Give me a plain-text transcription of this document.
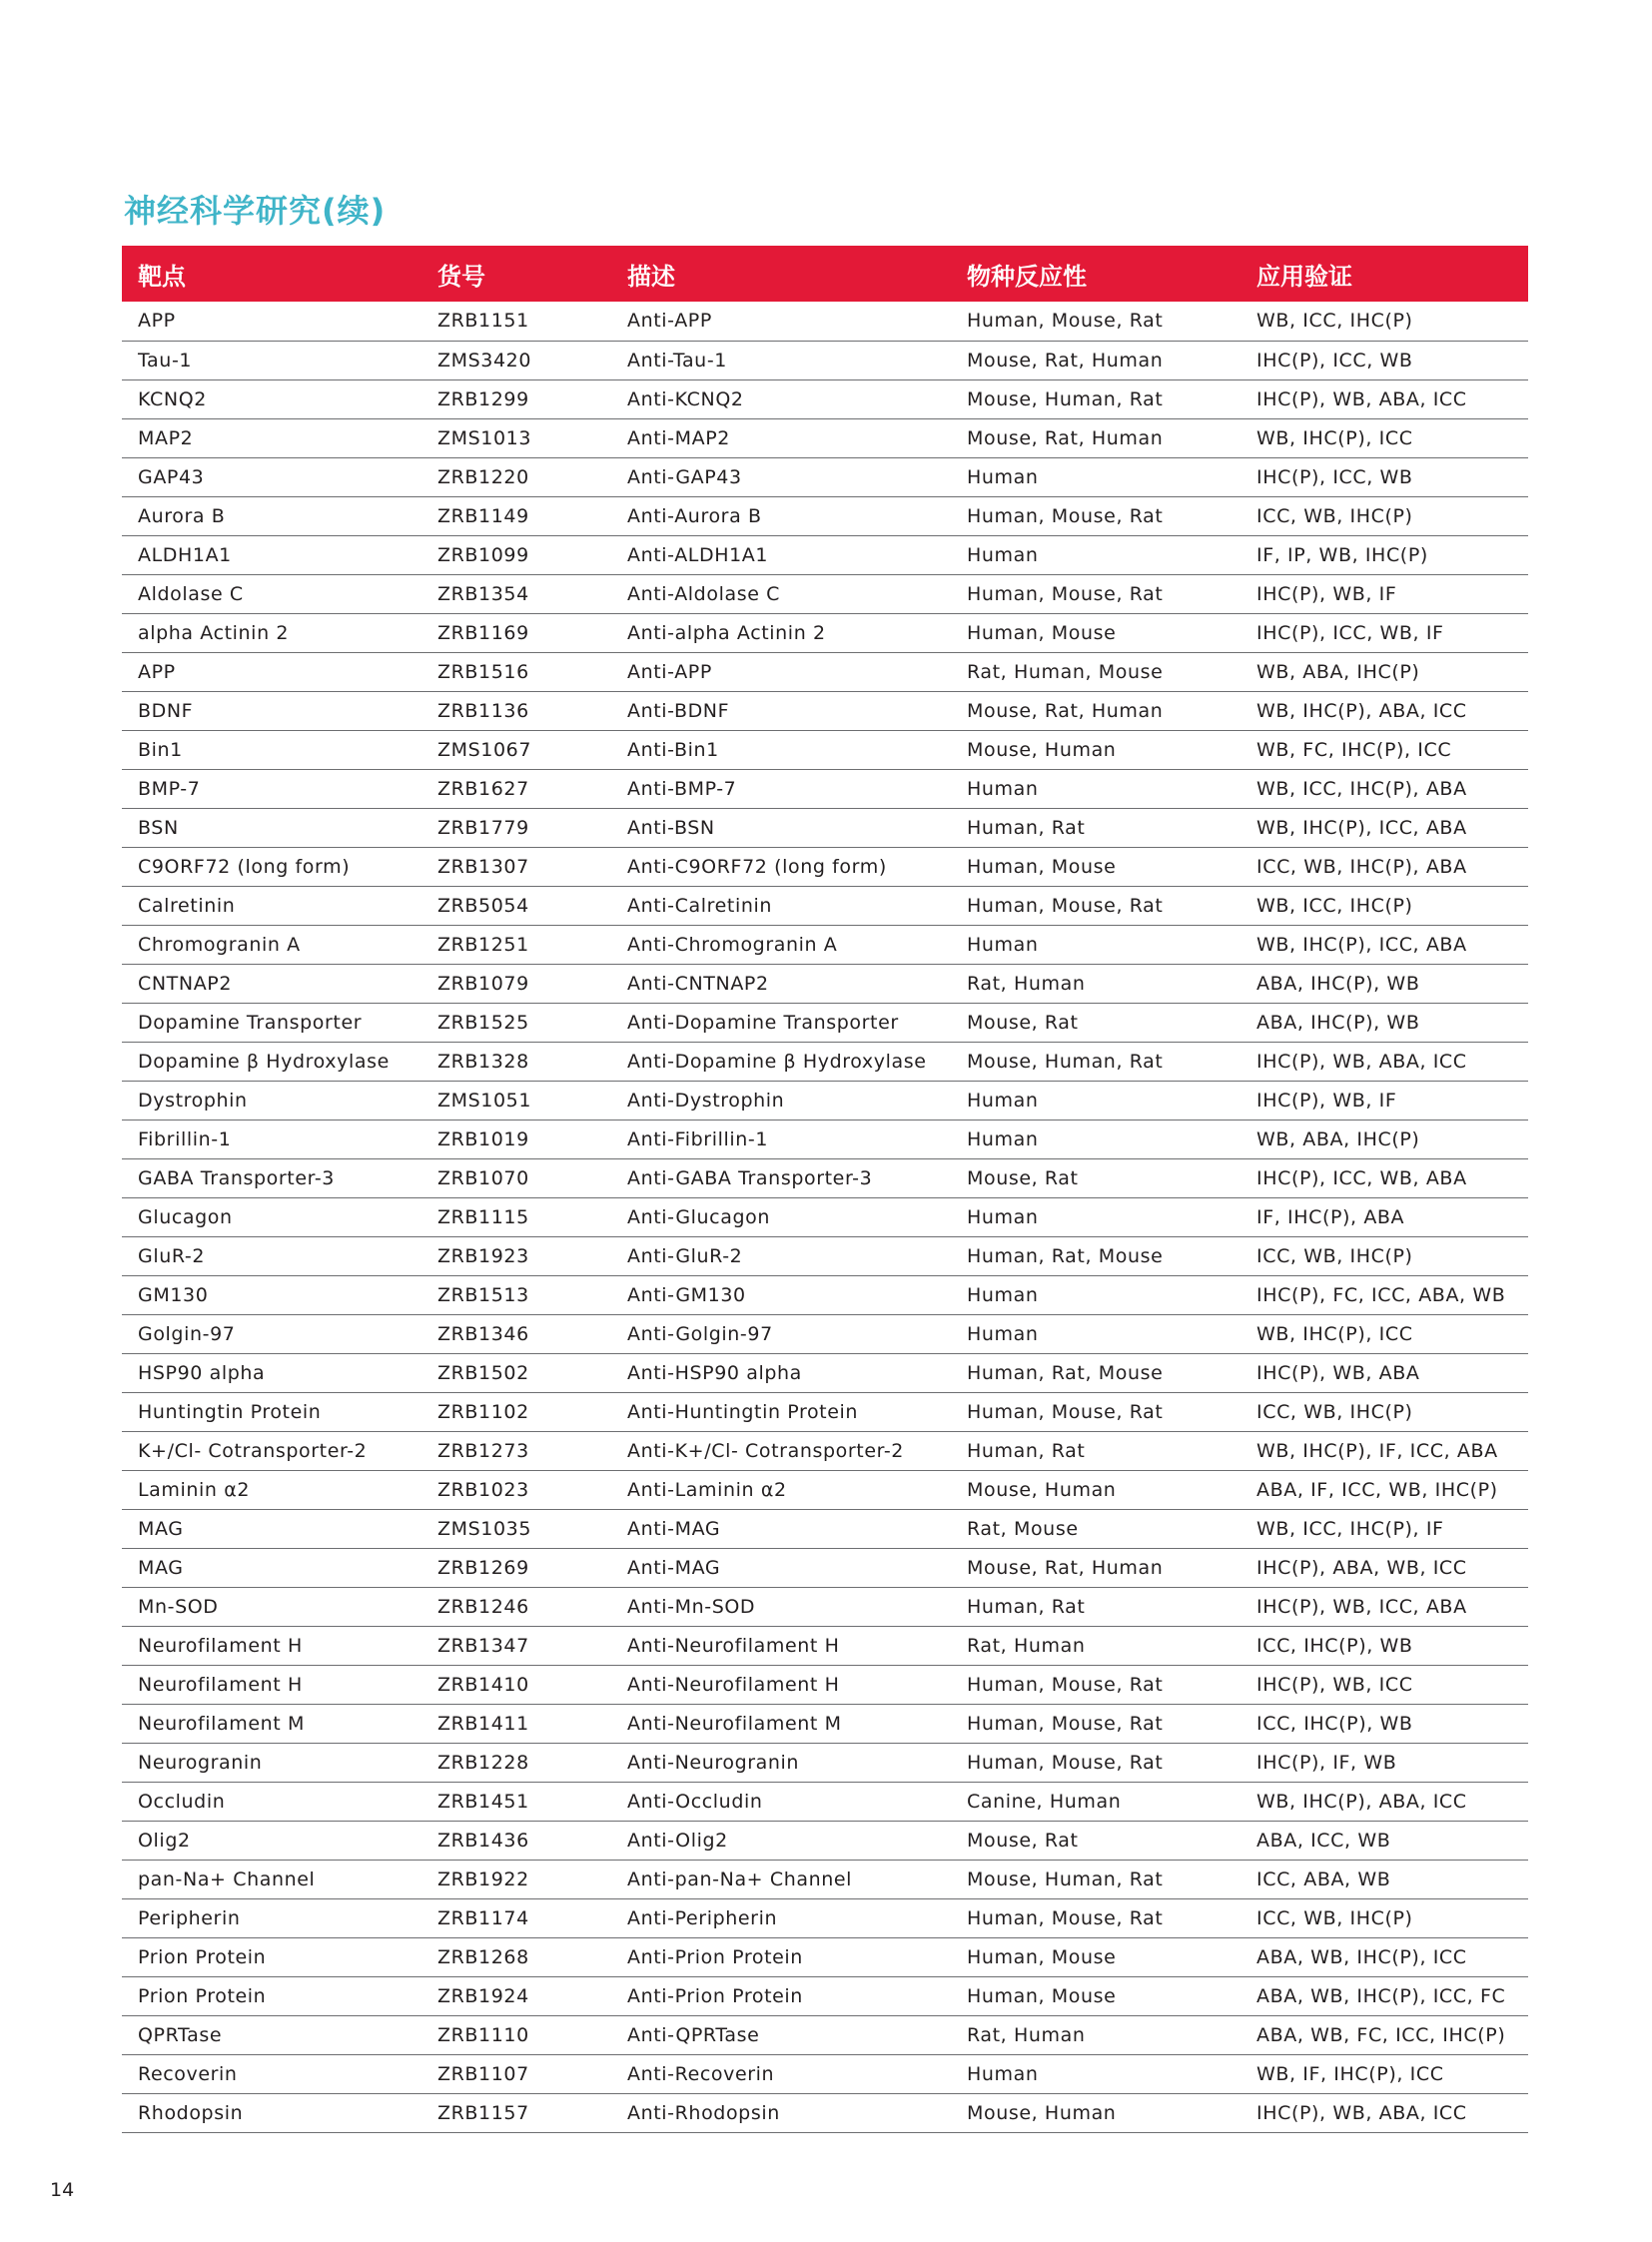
神经科学研究(续)
靶点	货号	描述	物种反应性	应用验证
APP	ZRB1151	Anti-APP	Human, Mouse, Rat	WB, ICC, IHC(P)
Tau-1	ZMS3420	Anti-Tau-1	Mouse, Rat, Human	IHC(P), ICC, WB
KCNQ2	ZRB1299	Anti-KCNQ2	Mouse, Human, Rat	IHC(P), WB, ABA, ICC
MAP2	ZMS1013	Anti-MAP2	Mouse, Rat, Human	WB, IHC(P), ICC
GAP43	ZRB1220	Anti-GAP43	Human	IHC(P), ICC, WB
Aurora B	ZRB1149	Anti-Aurora B	Human, Mouse, Rat	ICC, WB, IHC(P)
ALDH1A1	ZRB1099	Anti-ALDH1A1	Human	IF, IP, WB, IHC(P)
Aldolase C	ZRB1354	Anti-Aldolase C	Human, Mouse, Rat	IHC(P), WB, IF
alpha Actinin 2	ZRB1169	Anti-alpha Actinin 2	Human, Mouse	IHC(P), ICC, WB, IF
APP	ZRB1516	Anti-APP	Rat, Human, Mouse	WB, ABA, IHC(P)
BDNF	ZRB1136	Anti-BDNF	Mouse, Rat, Human	WB, IHC(P), ABA, ICC
Bin1	ZMS1067	Anti-Bin1	Mouse, Human	WB, FC, IHC(P), ICC
BMP-7	ZRB1627	Anti-BMP-7	Human	WB, ICC, IHC(P), ABA
BSN	ZRB1779	Anti-BSN	Human, Rat	WB, IHC(P), ICC, ABA
C9ORF72 (long form)	ZRB1307	Anti-C9ORF72 (long form)	Human, Mouse	ICC, WB, IHC(P), ABA
Calretinin	ZRB5054	Anti-Calretinin	Human, Mouse, Rat	WB, ICC, IHC(P)
Chromogranin A	ZRB1251	Anti-Chromogranin A	Human	WB, IHC(P), ICC, ABA
CNTNAP2	ZRB1079	Anti-CNTNAP2	Rat, Human	ABA, IHC(P), WB
Dopamine Transporter	ZRB1525	Anti-Dopamine Transporter	Mouse, Rat	ABA, IHC(P), WB
Dopamine β Hydroxylase	ZRB1328	Anti-Dopamine β Hydroxylase	Mouse, Human, Rat	IHC(P), WB, ABA, ICC
Dystrophin	ZMS1051	Anti-Dystrophin	Human	IHC(P), WB, IF
Fibrillin-1	ZRB1019	Anti-Fibrillin-1	Human	WB, ABA, IHC(P)
GABA Transporter-3	ZRB1070	Anti-GABA Transporter-3	Mouse, Rat	IHC(P), ICC, WB, ABA
Glucagon	ZRB1115	Anti-Glucagon	Human	IF, IHC(P), ABA
GluR-2	ZRB1923	Anti-GluR-2	Human, Rat, Mouse	ICC, WB, IHC(P)
GM130	ZRB1513	Anti-GM130	Human	IHC(P), FC, ICC, ABA, WB
Golgin-97	ZRB1346	Anti-Golgin-97	Human	WB, IHC(P), ICC
HSP90 alpha	ZRB1502	Anti-HSP90 alpha	Human, Rat, Mouse	IHC(P), WB, ABA
Huntingtin Protein	ZRB1102	Anti-Huntingtin Protein	Human, Mouse, Rat	ICC, WB, IHC(P)
K+/Cl- Cotransporter-2	ZRB1273	Anti-K+/Cl- Cotransporter-2	Human, Rat	WB, IHC(P), IF, ICC, ABA
Laminin α2	ZRB1023	Anti-Laminin α2	Mouse, Human	ABA, IF, ICC, WB, IHC(P)
MAG	ZMS1035	Anti-MAG	Rat, Mouse	WB, ICC, IHC(P), IF
MAG	ZRB1269	Anti-MAG	Mouse, Rat, Human	IHC(P), ABA, WB, ICC
Mn-SOD	ZRB1246	Anti-Mn-SOD	Human, Rat	IHC(P), WB, ICC, ABA
Neurofilament H	ZRB1347	Anti-Neurofilament H	Rat, Human	ICC, IHC(P), WB
Neurofilament H	ZRB1410	Anti-Neurofilament H	Human, Mouse, Rat	IHC(P), WB, ICC
Neurofilament M	ZRB1411	Anti-Neurofilament M	Human, Mouse, Rat	ICC, IHC(P), WB
Neurogranin	ZRB1228	Anti-Neurogranin	Human, Mouse, Rat	IHC(P), IF, WB
Occludin	ZRB1451	Anti-Occludin	Canine, Human	WB, IHC(P), ABA, ICC
Olig2	ZRB1436	Anti-Olig2	Mouse, Rat	ABA, ICC, WB
pan-Na+ Channel	ZRB1922	Anti-pan-Na+ Channel	Mouse, Human, Rat	ICC, ABA, WB
Peripherin	ZRB1174	Anti-Peripherin	Human, Mouse, Rat	ICC, WB, IHC(P)
Prion Protein	ZRB1268	Anti-Prion Protein	Human, Mouse	ABA, WB, IHC(P), ICC
Prion Protein	ZRB1924	Anti-Prion Protein	Human, Mouse	ABA, WB, IHC(P), ICC, FC
QPRTase	ZRB1110	Anti-QPRTase	Rat, Human	ABA, WB, FC, ICC, IHC(P)
Recoverin	ZRB1107	Anti-Recoverin	Human	WB, IF, IHC(P), ICC
Rhodopsin	ZRB1157	Anti-Rhodopsin	Mouse, Human	IHC(P), WB, ABA, ICC
14
